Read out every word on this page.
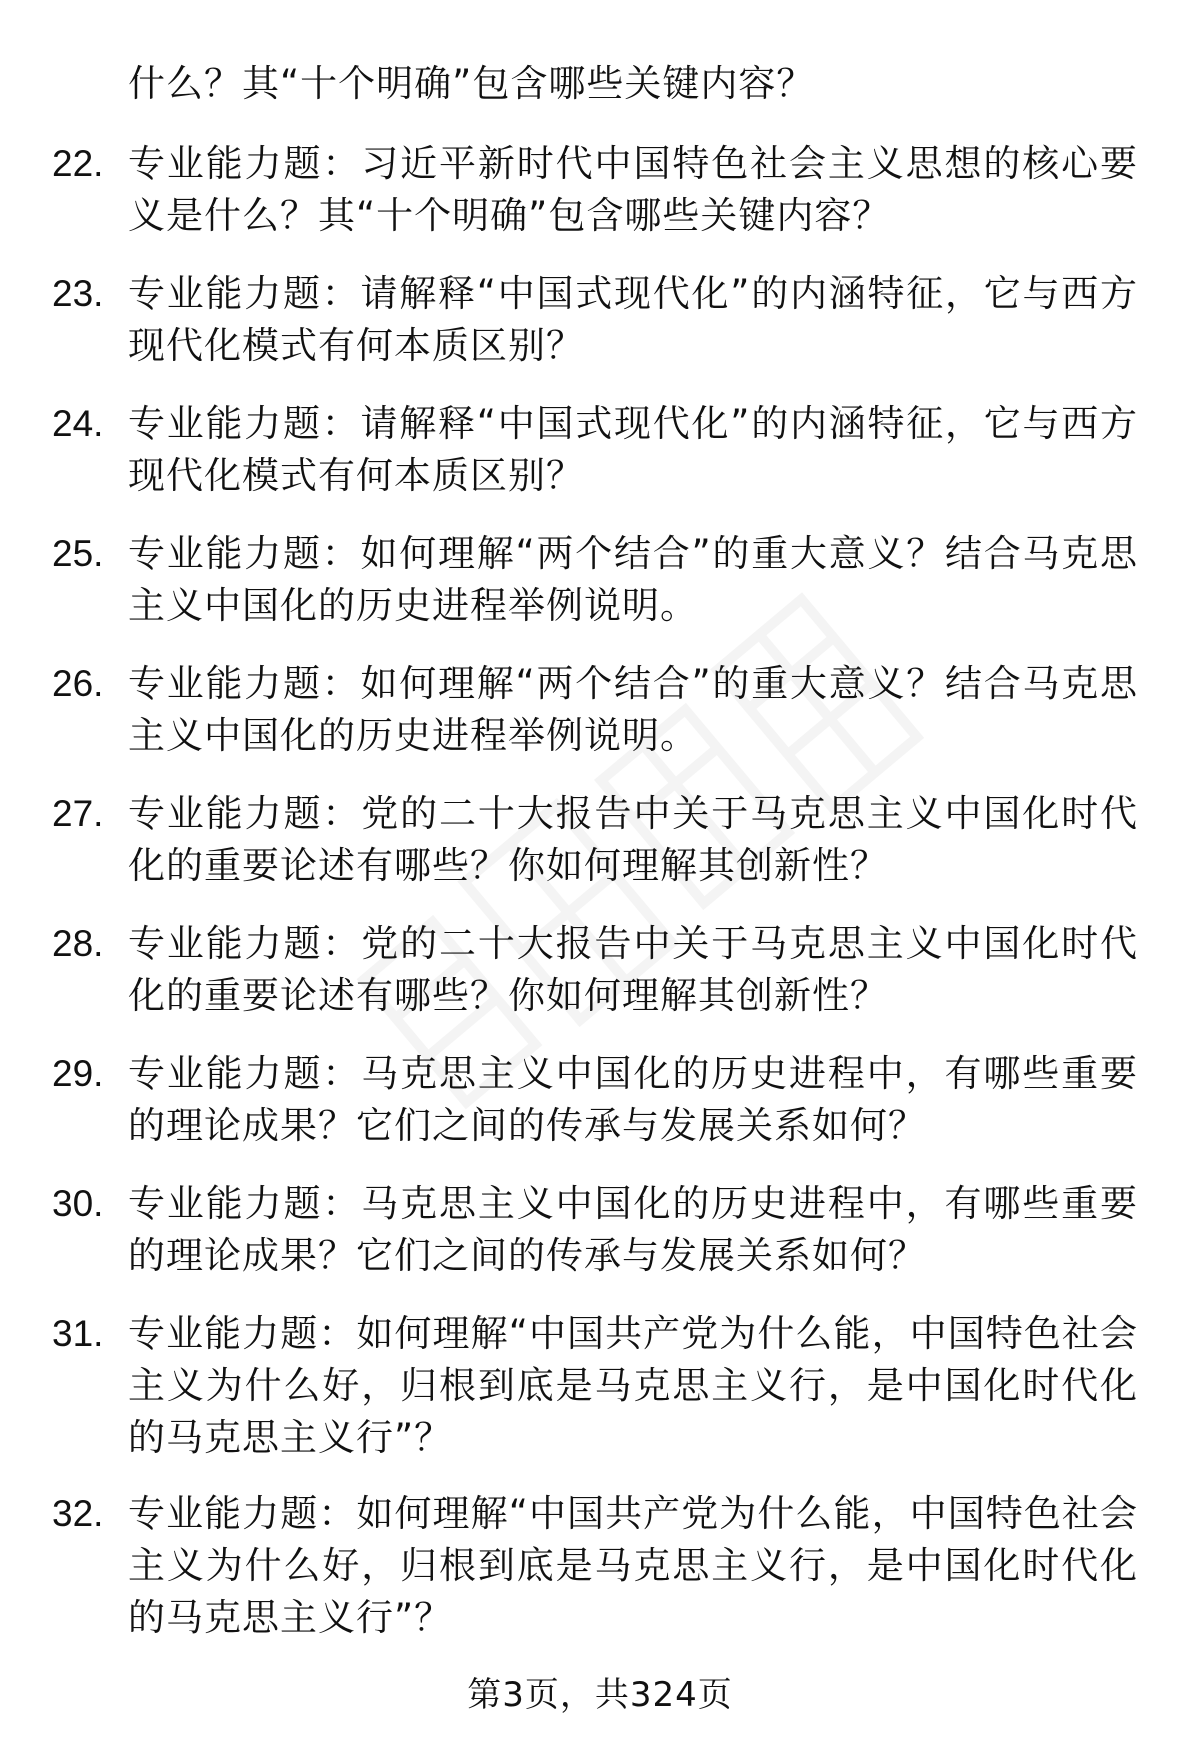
什么？其“十个明确”包含哪些关键内容？
22. 专业能力题：习近平新时代中国特色社会主义思想的核心要义是什么？其“十个明确”包含哪些关键内容？
23. 专业能力题：请解释“中国式现代化”的内涵特征，它与西方现代化模式有何本质区别？
24. 专业能力题：请解释“中国式现代化”的内涵特征，它与西方现代化模式有何本质区别？
25. 专业能力题：如何理解“两个结合”的重大意义？结合马克思主义中国化的历史进程举例说明。
26. 专业能力题：如何理解“两个结合”的重大意义？结合马克思主义中国化的历史进程举例说明。
27. 专业能力题：党的二十大报告中关于马克思主义中国化时代化的重要论述有哪些？你如何理解其创新性？
28. 专业能力题：党的二十大报告中关于马克思主义中国化时代化的重要论述有哪些？你如何理解其创新性？
29. 专业能力题：马克思主义中国化的历史进程中，有哪些重要的理论成果？它们之间的传承与发展关系如何？
30. 专业能力题：马克思主义中国化的历史进程中，有哪些重要的理论成果？它们之间的传承与发展关系如何？
31. 专业能力题：如何理解“中国共产党为什么能，中国特色社会主义为什么好，归根到底是马克思主义行，是中国化时代化的马克思主义行”？
32. 专业能力题：如何理解“中国共产党为什么能，中国特色社会主义为什么好，归根到底是马克思主义行，是中国化时代化的马克思主义行”？
第3页，共324页
